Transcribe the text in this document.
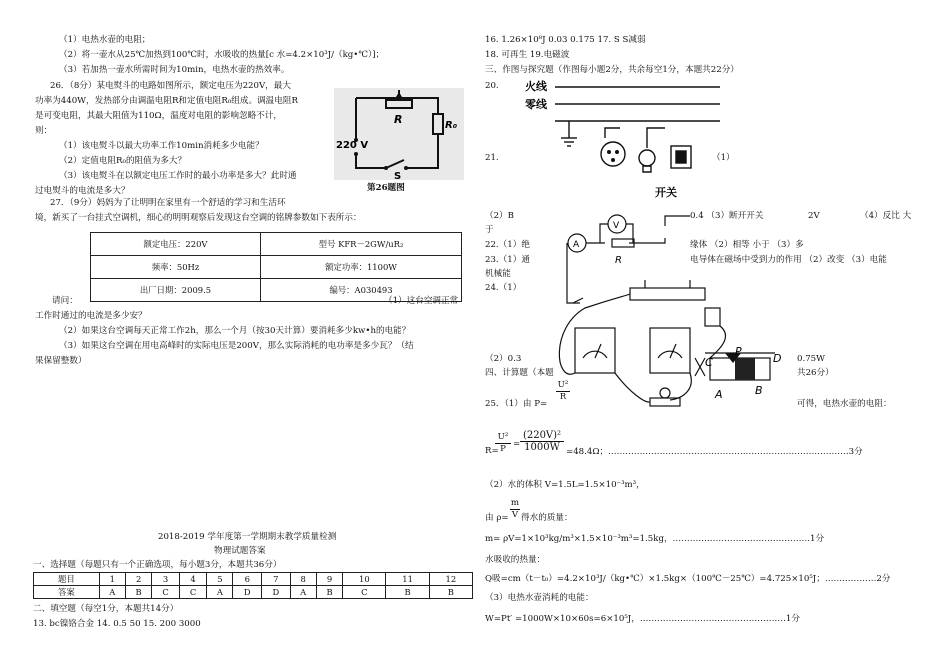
（1）电热水壶的电阻；
（2）将一壶水从25℃加热到100℃时，水吸收的热量[c 水=4.2×10³J/（kg•℃）]；
（3）若加热一壶水所需时间为10min，电热水壶的热效率。
26．（8分）某电熨斗的电路如图所示，额定电压为220V，最大
功率为440W，发热部分由调温电阻R和定值电阻R₀组成。调温电阻R
是可变电阻，其最大阻值为110Ω，温度对电阻的影响忽略不计，
则：
（1）该电熨斗以最大功率工作10min消耗多少电能？
（2）定值电阻R₀的阻值为多大？
（3）该电熨斗在以额定电压工作时的最小功率是多大？此时通
过电熨斗的电流是多大？
220 V
R	R₀
S
第26题图
27．（9分）妈妈为了让明明在家里有一个舒适的学习和生活环
境，新买了一台挂式空调机，细心的明明观察后发现这台空调的铭牌参数如下表所示：
额定电压：220V	型号 KFR－2GW/uR₂
频率：50Hz	额定功率：1100W
出厂日期：2009.5	编号：A030493
请问：	（1）这台空调正常
工作时通过的电流是多少安？
（2）如果这台空调每天正常工作2h，那么一个月（按30天计算）要消耗多少kw•h的电能？
（3）如果这台空调在用电高峰时的实际电压是200V，那么实际消耗的电功率是多少瓦？（结
果保留整数）
2018-2019 学年度第一学期期末教学质量检测
物理试题答案
一、选择题（每题只有一个正确选项，每小题3分，本题共36分）
题目	1	2	3	4	5	6	7	8	9	10	11	12
答案	A	B	C	C	A	D	D	A	B	C	B	B
二、填空题（每空1分，本题共14分）
13. bc镍铬合金 14. 0.5 50 15. 200 3000
16. 1.26×10⁸J 0.03 0.175 17. S S减弱
18. 可再生 19.电磁波
三、作图与探究题（作图每小题2分，共余每空1分，本题共22分）
20. 火线
零线
开关
21.	（1）
（2）B	0.4 （3）断开开关	2V	（4）反比 大
于
22.（1）绝	缘体 （2）相等 小于 （3）多
23.（1）通	电导体在磁场中受到力的作用 （2）改变 （3）电能
机械能
24.（1）
V
A
R
C
P
D
A	B
（2）0.3	0.75W
四、计算题（本题	共26分）
25．（1）由 P=
$\frac{\text{U²}}{R}$
可得，电热水壶的电阻：
R=
$\frac{\text{U²}}{P} = \frac{\text{(220V)²}}{1000W} =48.4\Omega$；…………………………………………………………………………3分
（2）水的体积 V=1.5L=1.5×10⁻³m³，
由 $\rho= \frac{m}{V}$ 得水的质量：
m= ρV=1×10³kg/m³×1.5×10⁻³m³=1.5kg，…………………………………………1分
水吸收的热量：
Q吸=cm（t－t₀）=4.2×10³J/（kg•℃）×1.5kg×（100℃－25℃）=4.725×10⁵J；………………2分
（3）电热水壶消耗的电能：
W=Pt′ =1000W×10×60s=6×10⁵J，……………………………………………1分
